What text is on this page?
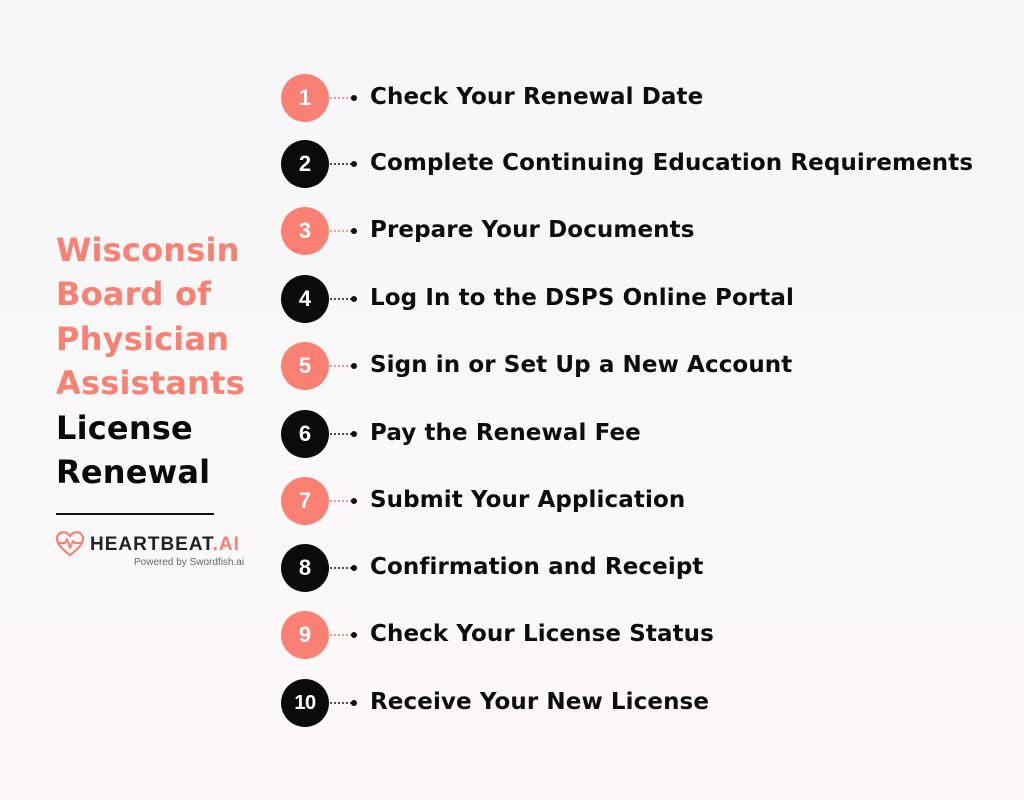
Wisconsin
Board of
Physician
Assistants
License
Renewal
HEARTBEAT.AI
Powered by Swordfish.ai
1	Check Your Renewal Date
2	Complete Continuing Education Requirements
3	Prepare Your Documents
4	Log In to the DSPS Online Portal
5	Sign in or Set Up a New Account
6	Pay the Renewal Fee
7	Submit Your Application
8	Confirmation and Receipt
9	Check Your License Status
10	Receive Your New License
